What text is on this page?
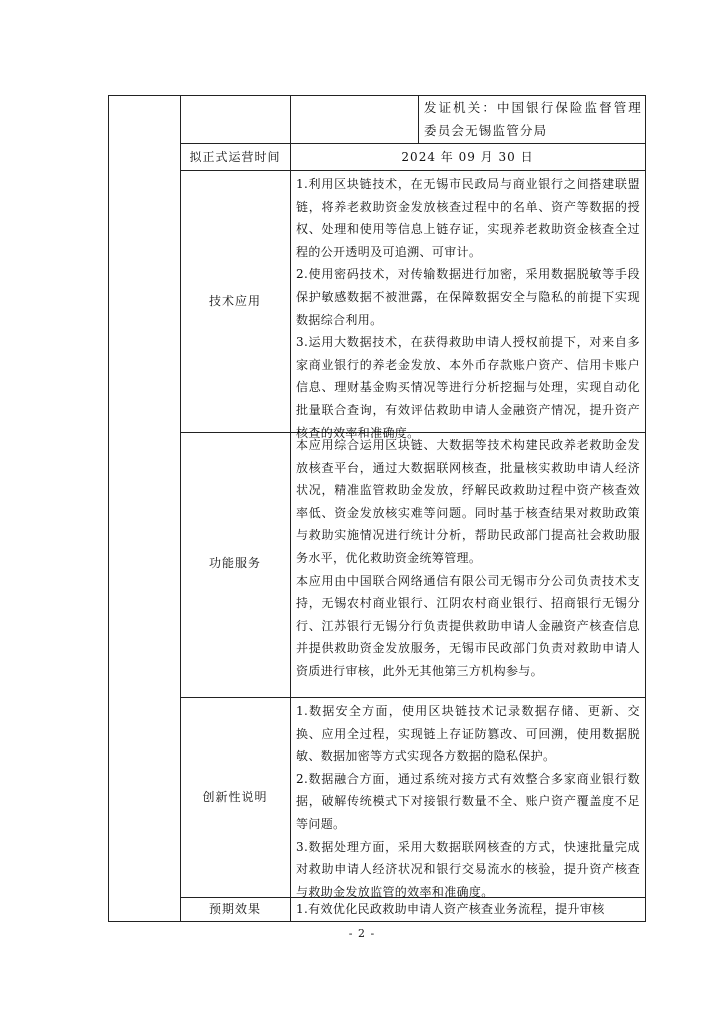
发证机关：中国银行保险监督管理委员会无锡监管分局

拟正式运营时间	2024 年 09 月 30 日
技术应用

1.利用区块链技术，在无锡市民政局与商业银行之间搭建联盟链，将养老救助资金发放核查过程中的名单、资产等数据的授权、处理和使用等信息上链存证，实现养老救助资金核查全过程的公开透明及可追溯、可审计。

2.使用密码技术，对传输数据进行加密，采用数据脱敏等手段保护敏感数据不被泄露，在保障数据安全与隐私的前提下实现数据综合利用。

3.运用大数据技术，在获得救助申请人授权前提下，对来自多家商业银行的养老金发放、本外币存款账户资产、信用卡账户信息、理财基金购买情况等进行分析挖掘与处理，实现自动化批量联合查询，有效评估救助申请人金融资产情况，提升资产核查的效率和准确度。

功能服务

本应用综合运用区块链、大数据等技术构建民政养老救助金发放核查平台，通过大数据联网核查，批量核实救助申请人经济状况，精准监管救助金发放，纾解民政救助过程中资产核查效率低、资金发放核实难等问题。同时基于核查结果对救助政策与救助实施情况进行统计分析，帮助民政部门提高社会救助服务水平，优化救助资金统筹管理。

本应用由中国联合网络通信有限公司无锡市分公司负责技术支持，无锡农村商业银行、江阴农村商业银行、招商银行无锡分行、江苏银行无锡分行负责提供救助申请人金融资产核查信息并提供救助资金发放服务，无锡市民政部门负责对救助申请人资质进行审核，此外无其他第三方机构参与。

创新性说明

1.数据安全方面，使用区块链技术记录数据存储、更新、交换、应用全过程，实现链上存证防篡改、可回溯，使用数据脱敏、数据加密等方式实现各方数据的隐私保护。

2.数据融合方面，通过系统对接方式有效整合多家商业银行数据，破解传统模式下对接银行数量不全、账户资产覆盖度不足等问题。

3.数据处理方面，采用大数据联网核查的方式，快速批量完成对救助申请人经济状况和银行交易流水的核验，提升资产核查与救助金发放监管的效率和准确度。

预期效果	1.有效优化民政救助申请人资产核查业务流程，提升审核

- 2 -
